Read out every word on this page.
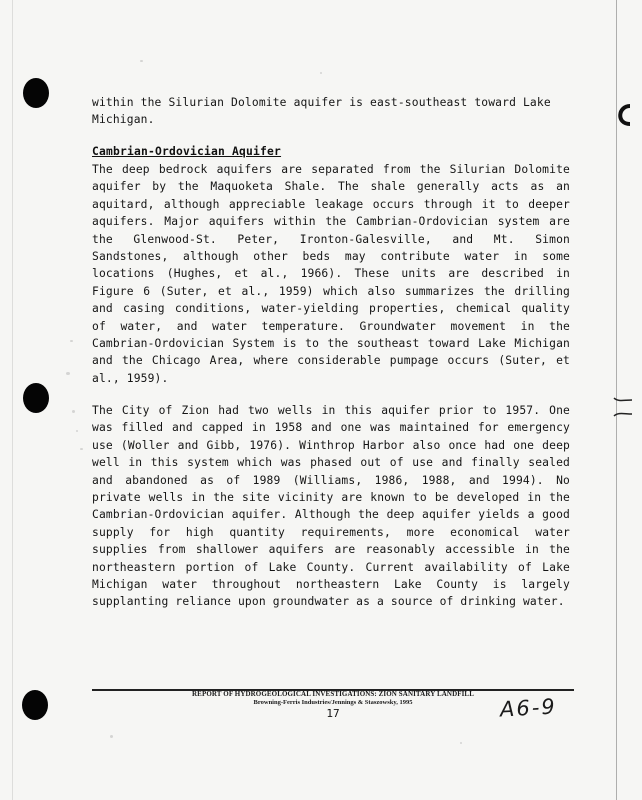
within the Silurian Dolomite aquifer is east-southeast toward Lake Michigan.
Cambrian-Ordovician Aquifer
The deep bedrock aquifers are separated from the Silurian Dolomite aquifer by the Maquoketa Shale. The shale generally acts as an aquitard, although appreciable leakage occurs through it to deeper aquifers. Major aquifers within the Cambrian-Ordovician system are the Glenwood-St. Peter, Ironton-Galesville, and Mt. Simon Sandstones, although other beds may contribute water in some locations (Hughes, et al., 1966). These units are described in Figure 6 (Suter, et al., 1959) which also summarizes the drilling and casing conditions, water-yielding properties, chemical quality of water, and water temperature. Groundwater movement in the Cambrian-Ordovician System is to the southeast toward Lake Michigan and the Chicago Area, where considerable pumpage occurs (Suter, et al., 1959).
The City of Zion had two wells in this aquifer prior to 1957. One was filled and capped in 1958 and one was maintained for emergency use (Woller and Gibb, 1976). Winthrop Harbor also once had one deep well in this system which was phased out of use and finally sealed and abandoned as of 1989 (Williams, 1986, 1988, and 1994). No private wells in the site vicinity are known to be developed in the Cambrian-Ordovician aquifer. Although the deep aquifer yields a good supply for high quantity requirements, more economical water supplies from shallower aquifers are reasonably accessible in the northeastern portion of Lake County. Current availability of Lake Michigan water throughout northeastern Lake County is largely supplanting reliance upon groundwater as a source of drinking water.
REPORT OF HYDROGEOLOGICAL INVESTIGATIONS: ZION SANITARY LANDFILL
Browning-Ferris Industries/Jennings & Staszowsky, 1995
17	A6-9
